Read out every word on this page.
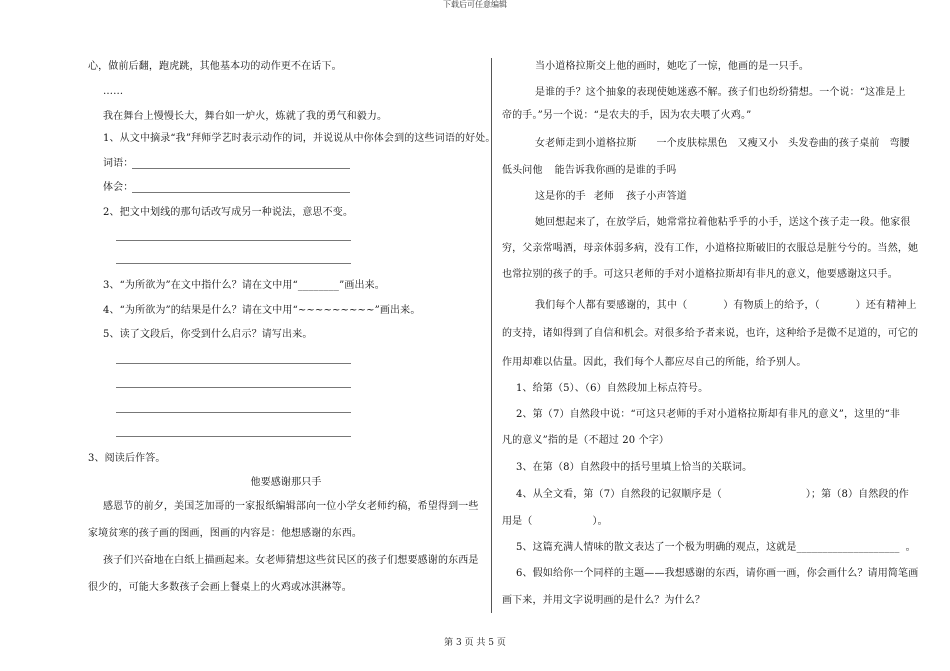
下载后可任意编辑
心，做前后翻，跑虎跳，其他基本功的动作更不在话下。
……
我在舞台上慢慢长大，舞台如一炉火，炼就了我的勇气和毅力。
1、从文中摘录“我”拜师学艺时表示动作的词，并说说从中你体会到的这些词语的好处。
词语：
体会：
2、把文中划线的那句话改写成另一种说法，意思不变。
3、“为所欲为”在文中指什么？请在文中用“________”画出来。
4、“为所欲为”的结果是什么？请在文中用“~~~~~~~~~”画出来。
5、读了文段后，你受到什么启示？请写出来。
3、阅读后作答。
他要感谢那只手
感恩节的前夕，美国芝加哥的一家报纸编辑部向一位小学女老师约稿，希望得到一些
家境贫寒的孩子画的图画，图画的内容是：他想感谢的东西。
孩子们兴奋地在白纸上描画起来。女老师猜想这些贫民区的孩子们想要感谢的东西是
很少的，可能大多数孩子会画上餐桌上的火鸡或冰淇淋等。
当小道格拉斯交上他的画时，她吃了一惊，他画的是一只手。
是谁的手？这个抽象的表现使她迷惑不解。孩子们也纷纷猜想。一个说：“这准是上
帝的手。”另一个说：“是农夫的手，因为农夫喂了火鸡。”
女老师走到小道格拉斯 一个皮肤棕黑色 又瘦又小 头发卷曲的孩子桌前 弯腰
低头问他 能告诉我你画的是谁的手吗
这是你的手 老师 孩子小声答道
她回想起来了，在放学后，她常常拉着他粘乎乎的小手，送这个孩子走一段。他家很
穷，父亲常喝酒，母亲体弱多病，没有工作，小道格拉斯破旧的衣服总是脏兮兮的。当然，她
也常拉别的孩子的手。可这只老师的手对小道格拉斯却有非凡的意义，他要感谢这只手。
我们每个人都有要感谢的，其中（	）有物质上的给予，（	）还有精神上
的支持，诸如得到了自信和机会。对很多给予者来说，也许，这种给予是微不足道的，可它的
作用却难以估量。因此，我们每个人都应尽自己的所能，给予别人。
1、给第（5）、（6）自然段加上标点符号。
2、第（7）自然段中说：“可这只老师的手对小道格拉斯却有非凡的意义”，这里的“非
凡的意义”指的是（不超过 20 个字）
3、在第（8）自然段中的括号里填上恰当的关联词。
4、从全文看，第（7）自然段的记叙顺序是（	）；第（8）自然段的作
用是（	）。
5、这篇充满人情味的散文表达了一个极为明确的观点，这就是____________________ 。
6、假如给你一个同样的主题——我想感谢的东西，请你画一画，你会画什么？请用简笔画
画下来，并用文字说明画的是什么？为什么？
第 3 页 共 5 页
